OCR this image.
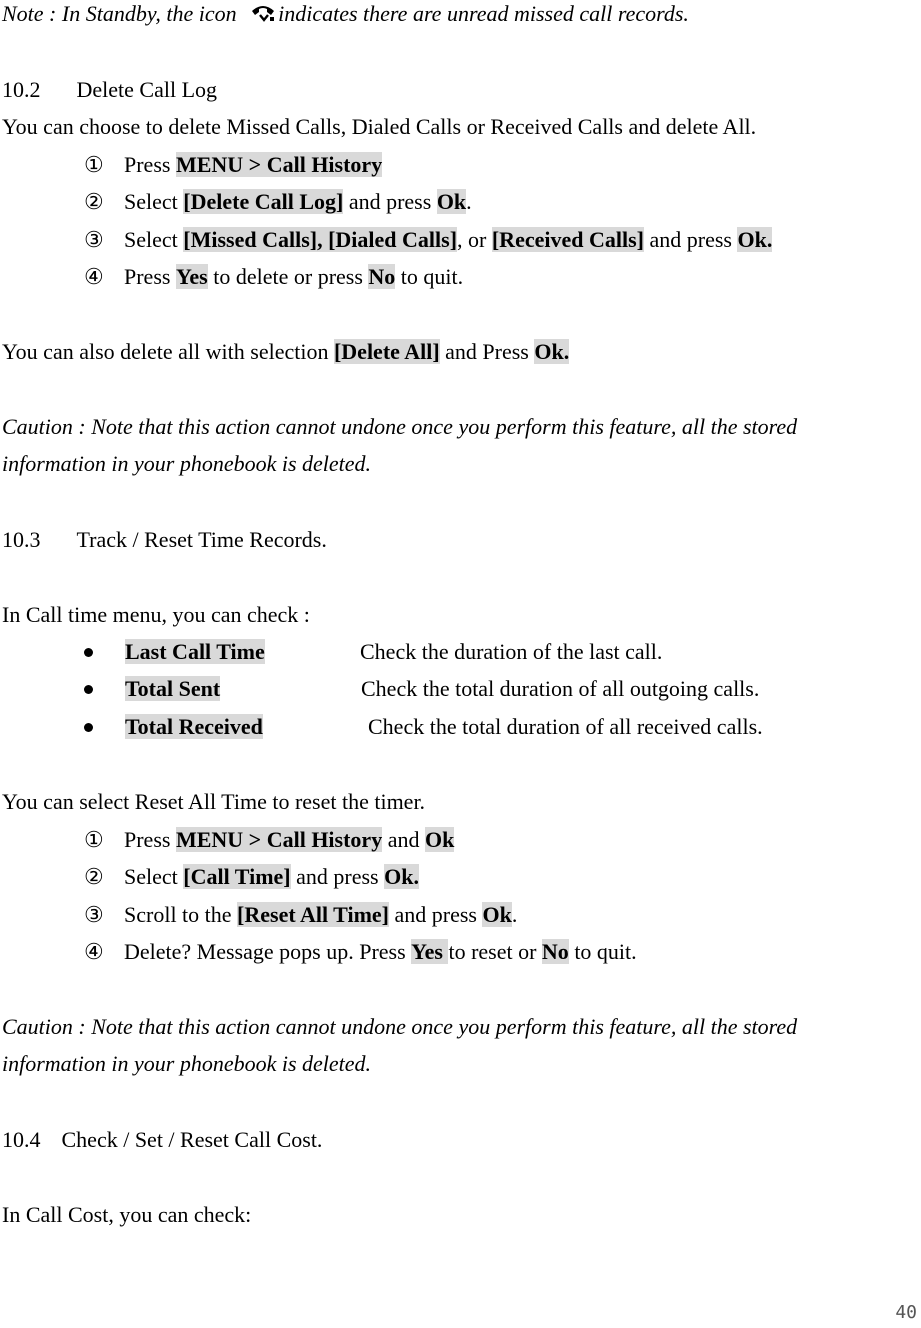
Note : In Standby, the icon indicates there are unread missed call records.
10.2 Delete Call Log
You can choose to delete Missed Calls, Dialed Calls or Received Calls and delete All.
① Press MENU > Call History
② Select [Delete Call Log] and press Ok.
③ Select [Missed Calls], [Dialed Calls], or [Received Calls] and press Ok.
④ Press Yes to delete or press No to quit.
You can also delete all with selection [Delete All] and Press Ok.
Caution : Note that this action cannot undone once you perform this feature, all the stored
information in your phonebook is deleted.
10.3 Track / Reset Time Records.
In Call time menu, you can check :
Last Call Time	Check the duration of the last call.
Total Sent	Check the total duration of all outgoing calls.
Total Received	Check the total duration of all received calls.
You can select Reset All Time to reset the timer.
① Press MENU > Call History and Ok
② Select [Call Time] and press Ok.
③ Scroll to the [Reset All Time] and press Ok.
④ Delete? Message pops up. Press Yes to reset or No to quit.
Caution : Note that this action cannot undone once you perform this feature, all the stored
information in your phonebook is deleted.
10.4 Check / Set / Reset Call Cost.
In Call Cost, you can check:
40
